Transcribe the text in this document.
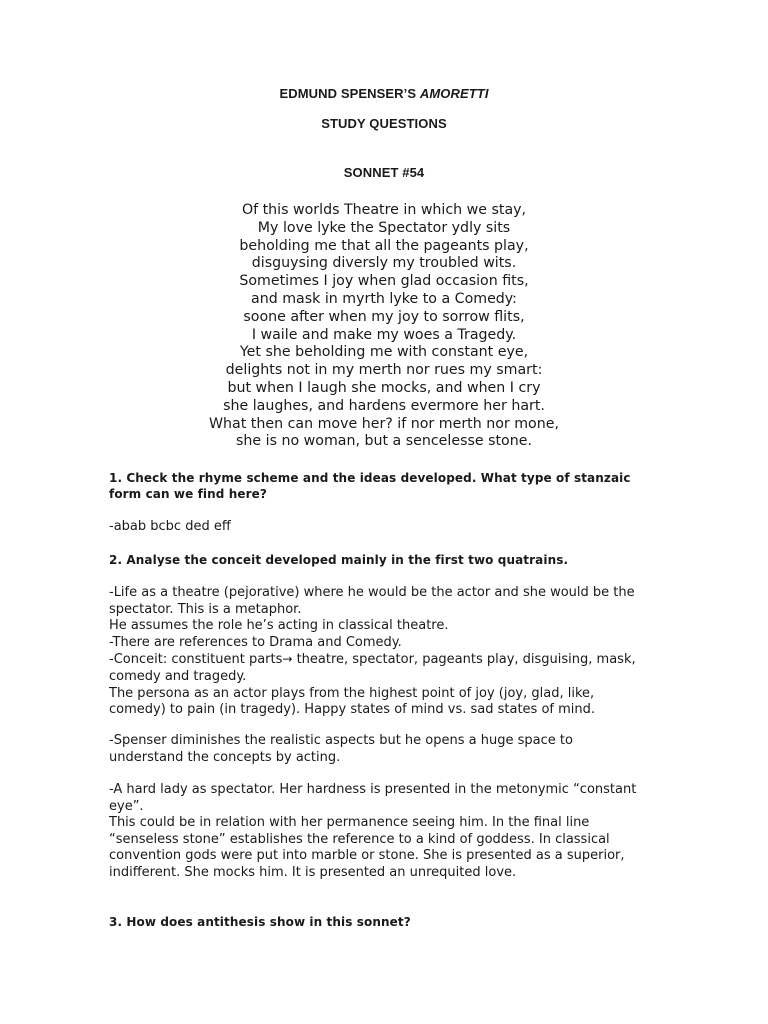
EDMUND SPENSER’S AMORETTI
STUDY QUESTIONS
SONNET #54
Of this worlds Theatre in which we stay,
My love lyke the Spectator ydly sits
beholding me that all the pageants play,
disguysing diversly my troubled wits.
Sometimes I joy when glad occasion fits,
and mask in myrth lyke to a Comedy:
soone after when my joy to sorrow flits,
I waile and make my woes a Tragedy.
Yet she beholding me with constant eye,
delights not in my merth nor rues my smart:
but when I laugh she mocks, and when I cry
she laughes, and hardens evermore her hart.
What then can move her? if nor merth nor mone,
she is no woman, but a sencelesse stone.
1. Check the rhyme scheme and the ideas developed. What type of stanzaic form can we find here?
-abab bcbc ded eff
2. Analyse the conceit developed mainly in the first two quatrains.
-Life as a theatre (pejorative) where he would be the actor and she would be the spectator. This is a metaphor.
He assumes the role he’s acting in classical theatre.
-There are references to Drama and Comedy.
-Conceit: constituent parts→ theatre, spectator, pageants play, disguising, mask, comedy and tragedy.
The persona as an actor plays from the highest point of joy (joy, glad, like, comedy) to pain (in tragedy). Happy states of mind vs. sad states of mind.
-Spenser diminishes the realistic aspects but he opens a huge space to understand the concepts by acting.
-A hard lady as spectator. Her hardness is presented in the metonymic “constant eye”.
This could be in relation with her permanence seeing him. In the final line “senseless stone” establishes the reference to a kind of goddess. In classical convention gods were put into marble or stone. She is presented as a superior, indifferent. She mocks him. It is presented an unrequited love.
3. How does antithesis show in this sonnet?
